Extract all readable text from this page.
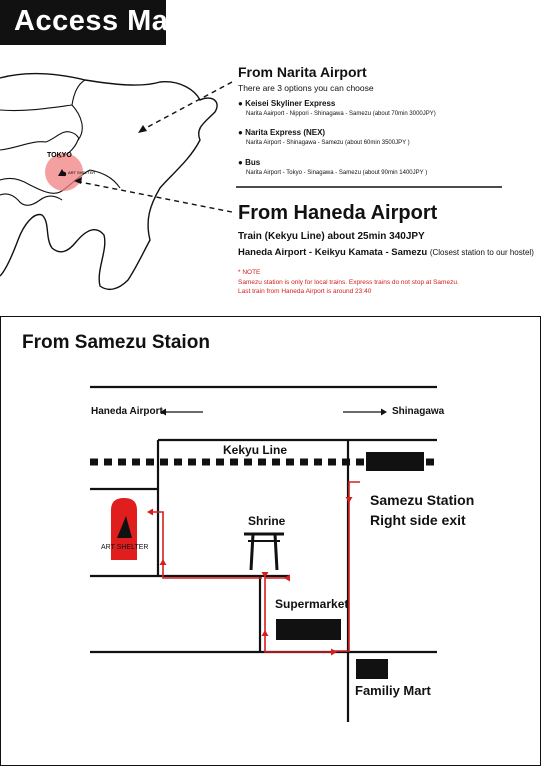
Access Map
TOKYO
ART SHELTER
ART SHELTER
From Narita Airport
There are 3 options you can choose
● Keisei Skyliner Express
Narita Aairport - Nippori - Shinagawa - Samezu (about 70min 3000JPY)
● Narita Express (NEX)
Narita Airport - Shinagawa - Samezu (about 60min 3500JPY )
● Bus
Narita Airport - Tokyo - Sinagawa - Samezu (about 90min 1400JPY )
From Haneda Airport
Train (Kekyu Line) about 25min 340JPY
Haneda Airport - Keikyu Kamata - Samezu (Closest station to our hostel)
* NOTE
Samezu station is only for local trains. Express trains do not stop at Samezu.
Last train from Haneda Airport is around 23:40
From Samezu Staion
Haneda Airport	Shinagawa
Kekyu Line
Samezu Station
Right side exit
Shrine
Supermarket
Familiy Mart
